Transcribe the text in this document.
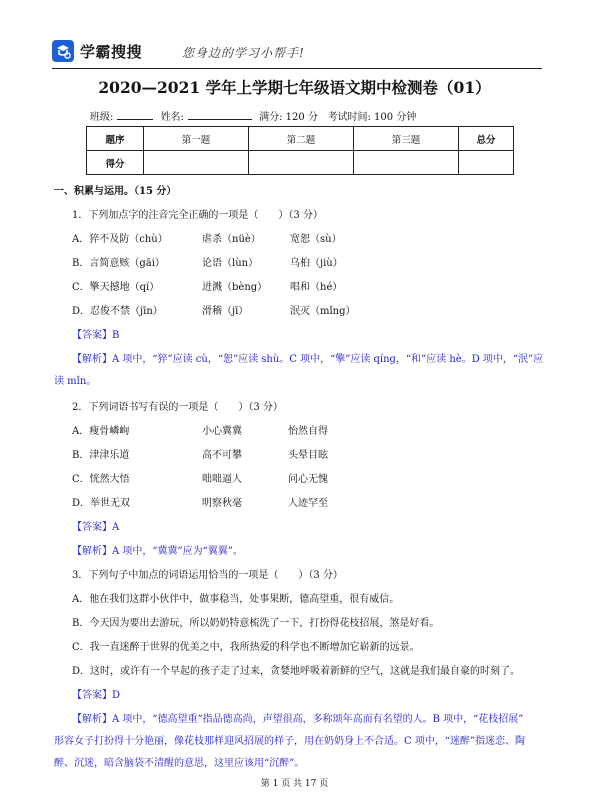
学霸搜搜	您身边的学习小帮手!
2020—2021 学年上学期七年级语文期中检测卷（01）
班级:	姓名:	满分: 120 分 考试时间: 100 分钟
题序	第一题	第二题	第三题	总分
得分				
一、积累与运用。（15 分）
1．下列加点字的注音完全正确的一项是（　　）（3 分）
A．猝不及防（chù）	虐杀（nüè）	宽恕（sù）
B．言简意赅（gāi）	论语（lùn）	乌桕（jiù）
C．擎天撼地（qí）	迸溅（bèng） 唱和（hé）
D．忍俊不禁（jīn）	滑稽（jī）	泯灭（mǐng）
【答案】B
【解析】A 项中，“猝”应读 cù，“恕”应读 shù。C 项中，“擎”应读 qíng，“和”应读 hè。D 项中，“泯”应
读 mǐn。
2．下列词语书写有误的一项是（　　）（3 分）
A．瘦骨嶙峋	小心冀冀	怡然自得
B．津津乐道	高不可攀	头晕目眩
C．恍然大悟	咄咄逼人	问心无愧
D．举世无双	明察秋毫	人迹罕至
【答案】A
【解析】A 项中，“冀冀”应为“翼翼”。
3．下列句子中加点的词语运用恰当的一项是（　　）（3 分）
A．他在我们这群小伙伴中，做事稳当，处事果断，德高望重，很有威信。
B．今天因为要出去游玩，所以奶奶特意梳洗了一下，打扮得花枝招展，煞是好看。
C．我一直迷醉于世界的优美之中，我所热爱的科学也不断增加它崭新的远景。
D．这时，或许有一个早起的孩子走了过来，贪婪地呼吸着新鲜的空气，这就是我们最自豪的时刻了。
【答案】D
【解析】A 项中，“德高望重”指品德高尚，声望很高，多称颂年高而有名望的人。B 项中，“花枝招展”
形容女子打扮得十分艳丽，像花枝那样迎风招展的样子，用在奶奶身上不合适。C 项中，“迷醉”指迷恋、陶
醉、沉迷，暗含脑袋不清醒的意思，这里应该用“沉醉”。
第 1 页 共 17 页
